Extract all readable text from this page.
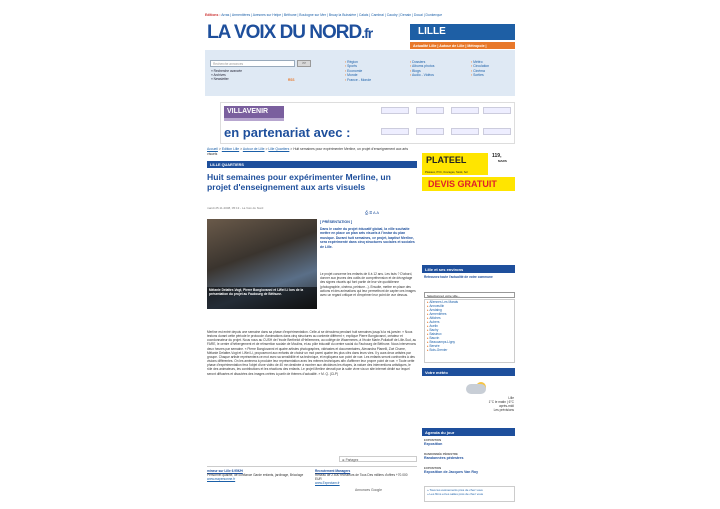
Editions : Arras | Armentières | Avesnes sur Helpe | Béthune | Boulogne sur Mer | Bruay la Buissière | Calais | Cambrai | Caudry | Denain | Douai | Dunkerque
LA VOIX DU NORD.fr	LILLE
Actualité Lille | Autour de Lille | Métropole |
Recherche annonces	>>
» Recherche avancée
» Archives
» Newsletter	RSS
▪ Région
▪ Sports
▪ Economie
▪ Monde
▪ France - Monde
▪ Dossiers
▪ Albums photos
▪ Blogs
▪ Audio - Vidéos
▪ Météo
▪ Circulation
▪ Cinéma
▪ Sorties
VILLAVENIR
en partenariat avec :
Accueil > Edition Lille > Autour de Lille > Lille Quartiers > Huit semaines pour expérimenter Merline, un projet d'enseignement aux arts visuels
LILLE QUARTIERS
Huit semaines pour expérimenter Merline, un projet d'enseignement aux arts visuels
mardi 25.11.2008, 05:13 - La Voix du Nord
⎙ ✉ A A
Mélanie Delattre-Vogt, Pierre Bongiovanni et I-Wei Li lors de la présentation du projet au Faubourg de Béthune.
[ PRÉSENTATION ]

Dans le cadre du projet éducatif global, la ville souhaite mettre en place un plan arts visuels à l'instar du plan musique. Durant huit semaines, ce projet, baptisé Merline, sera expérimenté dans cinq structures sociales et sociales de Lille.

Le projet concerne les enfants de 6 à 12 ans. Les buts ? D'abord, donner aux jeunes des outils de compréhension et de décryptage des signes visuels qui font partie de leur vie quotidienne (photographie, cinéma, peinture...). Ensuite, mettre en place des actions et des animations qui leur permettront de capter ces images avec un regard critique et d'exprimer leur point de vue dessus.

Merline est entré depuis une semaine dans sa phase d'expérimentation. Celle-ci se déroulera pendant huit semaines jusqu'à la mi-janvier. « Nous testons durant cette période le protocole d'animations dans cinq structures au contexte différent », explique Pierre Bongiovanni, créateur et coordonnateur du projet. Nous nous au CUSH de l'école Berthelot d'Hellemmes, au collège de Wazemmes, à l'école Marie-Poliakoff de Lille-Sud, au FARE, le centre d'hébergement et de réinsertion sociale de Moulins, et au pôle éducatif du centre social du Faubourg de Béthune. Nous intervenons deux heures par semaine. « Pierre Bongiovanni et quatre artistes photographes, vidéastes et documentaires, Alexandra Planelli, Zoé Charre, Mélanie Delattre-Vogt et I-Wei Li, proposeront aux enfants de choisir un mot parmi quatre les plus clés dans leurs vies. Il y aura deux artistes par groupe. Chaque artiste représentera ce mot avec sa sensibilité et sa technique, et expliquera son point de vue. Les enfants seront confrontés à des visions différentes. On les amènera à produire leur représentation avec les mêmes techniques afin d'affirmer leur propre point de vue. » Toute cette phase d'expérimentation fera l'objet d'une vidéo de 40 mn destinée à montrer aux décideurs les étapes, la nature des interventions artistiques, le rôle des animateurs, les contributions et les réactions des enfants. Le projet Merline devrait par la suite vivre via un site internet dédié sur lequel seront diffusées et discutées des images créées à partir de thèmes d'actualité. » M. Q. (CLP)

⊕ Partagez
mineur sur Lille 6.95€/H
Personnel qualifié, de confiance Garde enfants, jardinage, Bricolage
www.mapersonne.fr
Recrutement Managers
Réseau de 2.600 recruteurs de Tous Des milliers d'offres +70.000 EUR
www.Expectam.fr
Annonces Google
PLATEEL
Plateaux, PVC, Ouvrages, Stock, Sol
119,
MARS
DEVIS GRATUIT
Lille et ses environs
Retrouvez toute l'actualité de votre commune
Sélectionnez votre ville...
▸ Allennes Les Marais
▸ Annoeullin
▸ Anstaing
▸ Armentières
▸ Attiches
▸ Aubers
▸ Avelin
▸ Bachy
▸ Baisieux
▸ Bauvin
▸ Beaucamps-Ligny
▸ Bersée
▸ Bois-Grenier
Votre météo
Lille
1°C le matin | 6°C après-midi
Les prévisions
Agenda du jour
EXPOSITION
Exposition
RANDONNÉE PÉDESTRE
Randonnées pédestres
EXPOSITION
Exposition de Jacques Van Roy
» Tous les événements près de chez vous
» Les films et les salles près de chez vous
